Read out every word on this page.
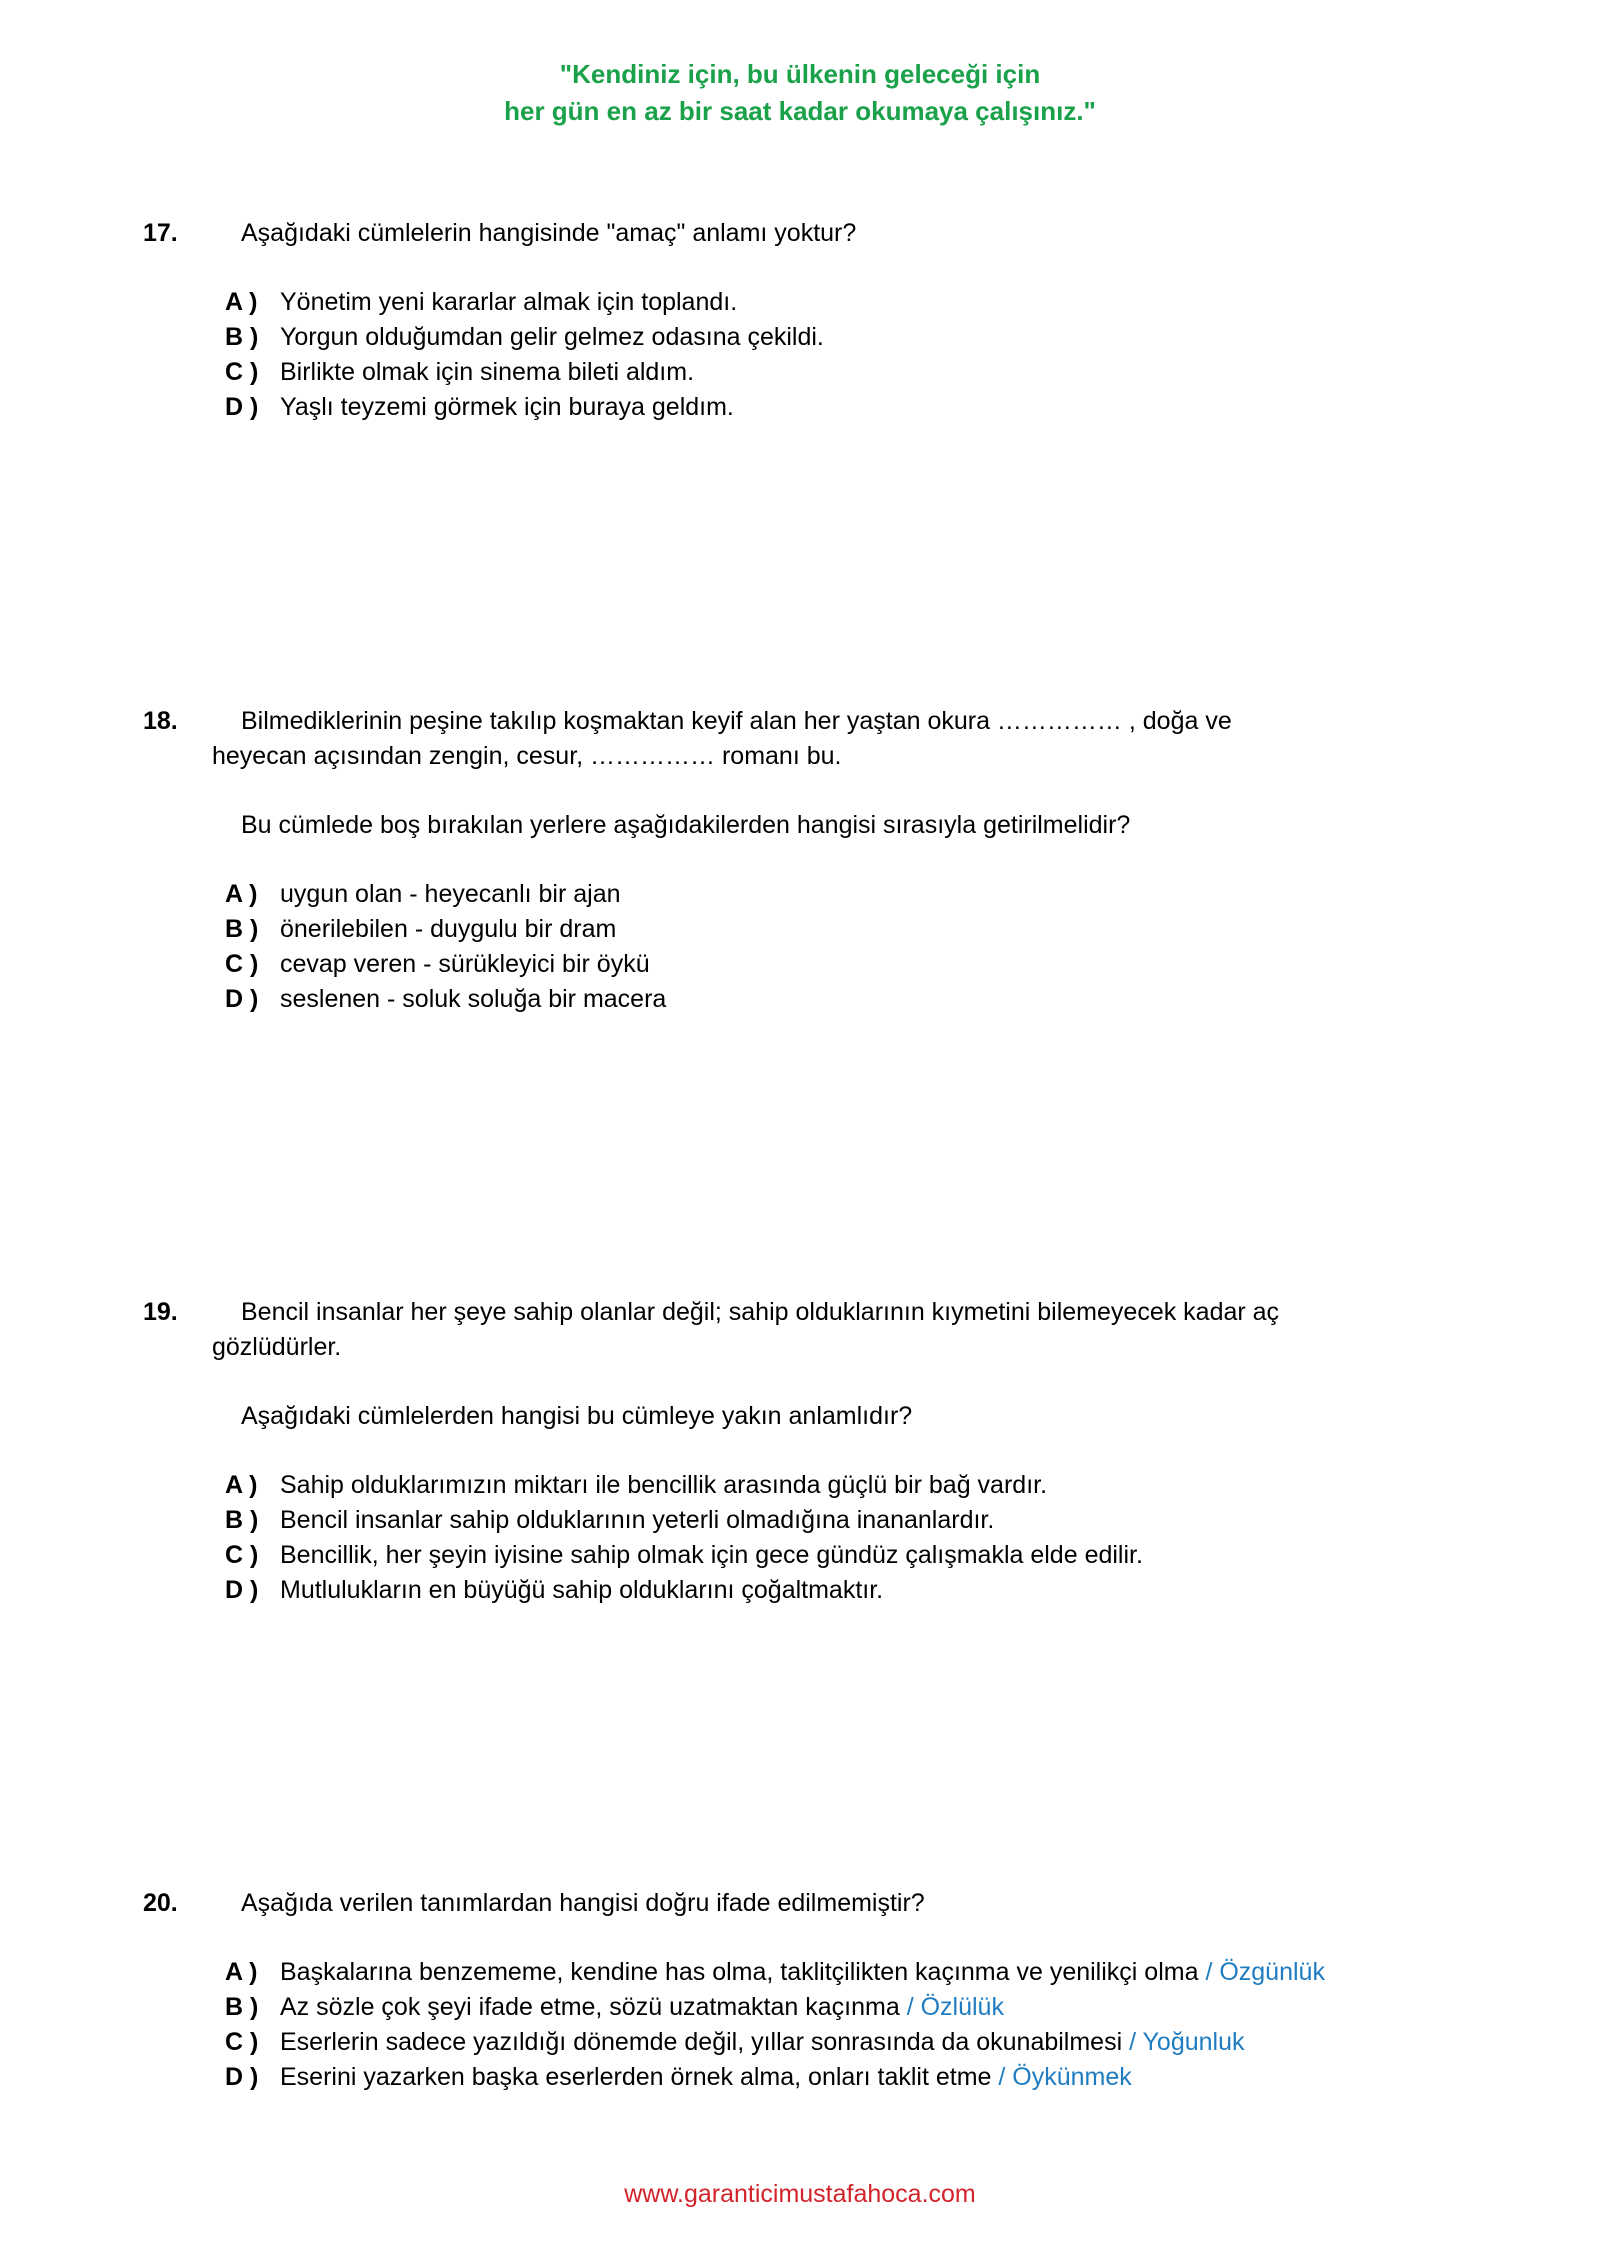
"Kendiniz için, bu ülkenin geleceği için
her gün en az bir saat kadar okumaya çalışınız."
17.	Aşağıdaki cümlelerin hangisinde "amaç" anlamı yoktur?
A ) Yönetim yeni kararlar almak için toplandı.
B ) Yorgun olduğumdan gelir gelmez odasına çekildi.
C ) Birlikte olmak için sinema bileti aldım.
D ) Yaşlı teyzemi görmek için buraya geldım.
18.	Bilmediklerinin peşine takılıp koşmaktan keyif alan her yaştan okura …………… , doğa ve
heyecan açısından zengin, cesur, …………… romanı bu.
Bu cümlede boş bırakılan yerlere aşağıdakilerden hangisi sırasıyla getirilmelidir?
A ) uygun olan - heyecanlı bir ajan
B ) önerilebilen - duygulu bir dram
C ) cevap veren - sürükleyici bir öykü
D ) seslenen - soluk soluğa bir macera
19.	Bencil insanlar her şeye sahip olanlar değil; sahip olduklarının kıymetini bilemeyecek kadar aç
gözlüdürler.
Aşağıdaki cümlelerden hangisi bu cümleye yakın anlamlıdır?
A ) Sahip olduklarımızın miktarı ile bencillik arasında güçlü bir bağ vardır.
B ) Bencil insanlar sahip olduklarının yeterli olmadığına inananlardır.
C ) Bencillik, her şeyin iyisine sahip olmak için gece gündüz çalışmakla elde edilir.
D ) Mutlulukların en büyüğü sahip olduklarını çoğaltmaktır.
20.	Aşağıda verilen tanımlardan hangisi doğru ifade edilmemiştir?
A ) Başkalarına benzememe, kendine has olma, taklitçilikten kaçınma ve yenilikçi olma / Özgünlük
B ) Az sözle çok şeyi ifade etme, sözü uzatmaktan kaçınma / Özlülük
C ) Eserlerin sadece yazıldığı dönemde değil, yıllar sonrasında da okunabilmesi / Yoğunluk
D ) Eserini yazarken başka eserlerden örnek alma, onları taklit etme / Öykünmek
www.garanticimustafahoca.com
